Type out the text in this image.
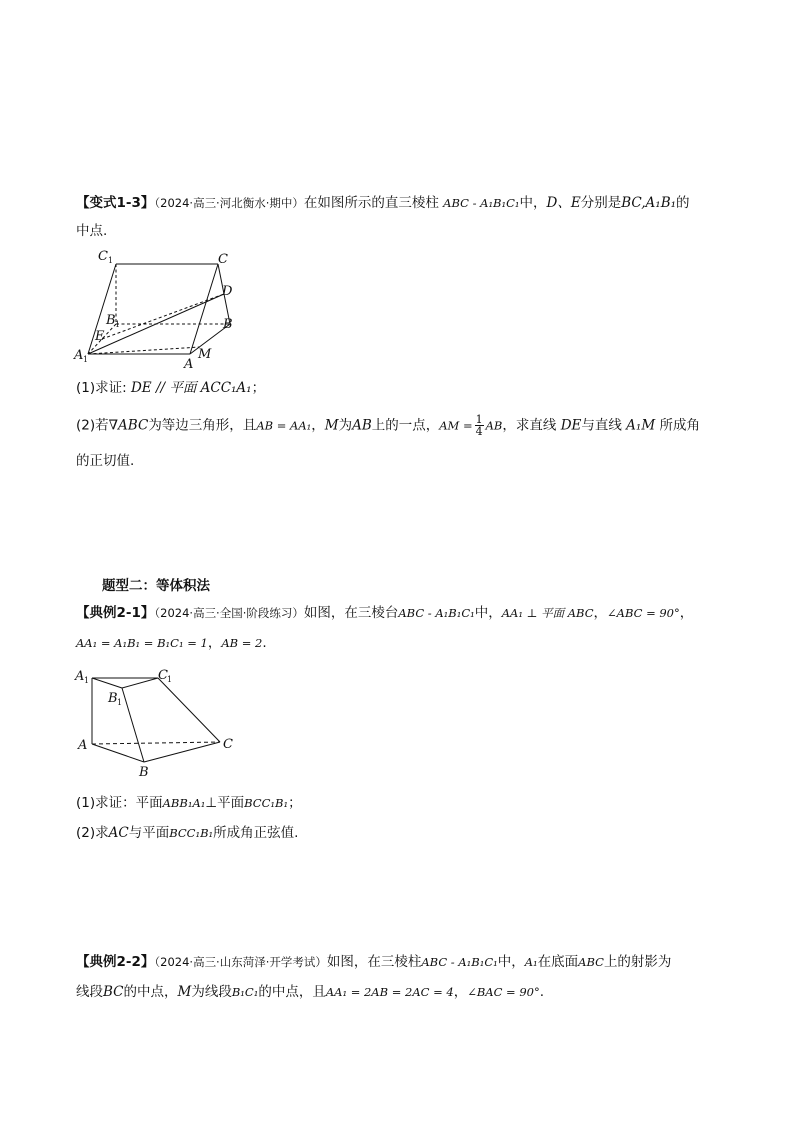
【变式1-3】（2024·高三·河北衡水·期中）在如图所示的直三棱柱 ABC - A₁B₁C₁中，D、E分别是BC,A₁B₁的
中点.
C 1	C
D
B 1	B
E
A 1	A
M
(1)求证: DE // 平面 ACC₁A₁；
(2)若∇ABC为等边三角形，且AB = AA₁，M为AB上的一点，AM = $\frac{1}{4}$ AB，求直线 DE与直线 A₁M 所成角
的正切值.
题型二：等体积法
【典例2-1】（2024·高三·全国·阶段练习）如图，在三棱台ABC - A₁B₁C₁中，AA₁ ⊥ 平面 ABC，∠ABC = 90°，
AA₁ = A₁B₁ = B₁C₁ = 1，AB = 2.
A 1
B 1
C 1
A
B
C
(1)求证：平面ABB₁A₁⊥平面BCC₁B₁；
(2)求AC与平面BCC₁B₁所成角正弦值.
【典例2-2】（2024·高三·山东菏泽·开学考试）如图，在三棱柱ABC - A₁B₁C₁中，A₁在底面ABC上的射影为
线段BC的中点，M为线段B₁C₁的中点，且AA₁ = 2AB = 2AC = 4，∠BAC = 90°.
